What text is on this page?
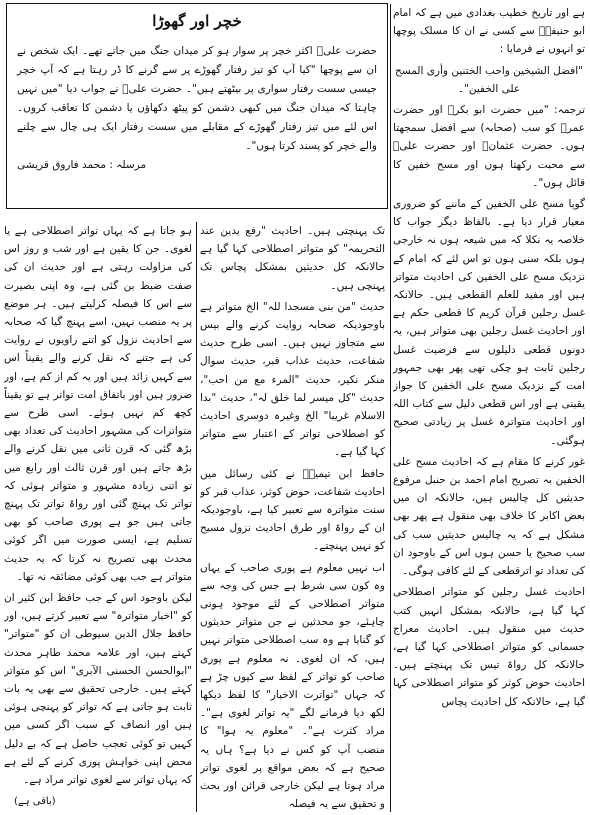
ہے اور تاریخ خطیب بغدادی میں ہے کہ امام ابو حنیفہؒ سے کسی نے ان کا مسلک پوچھا تو انہوں نے فرمایا :

"افضل الشیخین واحب الختنین وأری المسح علی الخفین"۔

ترجمہ: "میں حضرت ابو بکرؓ اور حضرت عمرؓ کو سب (صحابہ) سے افضل سمجھتا ہوں۔ حضرت عثمانؓ اور حضرت علیؓ سے محبت رکھتا ہوں اور مسح خفین کا قائل ہوں"۔

گویا مسح علی الخفین کے ماننے کو ضروری معیار قرار دیا ہے۔ بالفاظ دیگر جواب کا خلاصہ یہ نکلا کہ میں شیعہ ہوں نہ خارجی ہوں بلکہ سنی ہوں تو اس لئے کہ امام کے نزدیک مسح علی الخفین کی احادیث متواتر ہیں اور مفید للعلم القطعی ہیں۔ حالانکہ غسل رجلین قرآن کریم کا قطعی حکم ہے اور احادیث غسل رجلین بھی متواتر ہیں، یہ دونوں قطعی دلیلوں سے فرضیت غسل رجلین ثابت ہو چکی تھی پھر بھی جمہور امت کے نزدیک مسح علی الخفین کا جواز یقینی ہے اور اس قطعی دلیل سے کتاب اللہ اور احادیث متواترہ غسل پر زیادتی صحیح ہوگئی۔

غور کرنے کا مقام ہے کہ احادیث مسح علی الخفین بہ تصریح امام احمد بن حنبل مرفوع حدیثیں کل چالیس ہیں، حالانکہ ان میں بعض اکابر کا خلاف بھی منقول ہے پھر بھی مشکل ہے کہ یہ چالیس حدیثیں سب کی سب صحیح یا حسن ہوں اس کے باوجود ان کی تعداد تو اترقطعی کے لئے کافی ہوگی۔

احادیث غسل رجلین کو متواتر اصطلاحی کہا گیا ہے، حالانکہ بمشکل انہیں کتب حدیث میں منقول ہیں۔ احادیث معراج جسمانی کو متواتر اصطلاحی کہا گیا ہے، حالانکہ کل رواۃ تیس تک پہنچتے ہیں۔ احادیث حوض کوثر کو متواتر اصطلاحی کہا گیا ہے، حالانکہ کل احادیث پچاس

خچر اور گھوڑا

حضرت علیؓ اکثر خچر پر سوار ہو کر میدان جنگ میں جاتے تھے۔ ایک شخص نے ان سے پوچھا "کیا آپ کو تیز رفتار گھوڑے پر سے گرنے کا ڈر رہتا ہے کہ آپ خچر جیسی سست رفتار سواری پر بیٹھتے ہیں"۔ حضرت علیؓ نے جواب دیا "میں نہیں چاہتا کہ میدان جنگ میں کبھی دشمن کو پیٹھ دکھاؤں یا دشمن کا تعاقب کروں۔ اس لئے میں تیز رفتار گھوڑے کے مقابلے میں سست رفتار ایک ہی چال سے چلنے والے خچر کو پسند کرتا ہوں"۔

مرسلہ : محمد فاروق قریشی

تک پہنچتی ہیں۔ احادیث "رفع یدین عند التحریمہ" کو متواتر اصطلاحی کہا گیا ہے حالانکہ کل حدیثیں بمشکل پچاس تک پہنچی ہیں۔

حدیث "من بنی مسجدا للہ" الخ متواتر ہے باوجودیکہ صحابہ روایت کرنے والے بیس سے متجاوز نہیں ہیں۔ اسی طرح حدیث شفاعت، حدیث عذاب قبر، حدیث سوال منکر نکیر، حدیث "المرء مع من احب"، حدیث "کل میسر لما خلق لہ"، حدیث "بدا الاسلام غریبا" الخ وغیرہ دوسری احادیث کو اصطلاحی تواتر کے اعتبار سے متواتر کہا گیا ہے۔

حافظ ابن تیمیہؒ نے کئی رسائل میں احادیث شفاعت، حوض کوثر، عذاب قبر کو سنت متواترہ سے تعبیر کیا ہے، باوجودیکہ ان کے رواۃ اور طرق احادیث نزول مسیح کو نہیں پہنچتے۔

اب نہیں معلوم ہے پوری صاحب کے یہاں وہ کون سی شرط ہے جس کی وجہ سے متواتر اصطلاحی کے لئے موجود ہونی چاہئے، جو محدثین نے جن متواتر حدیثوں کو گنایا ہے وہ سب اصطلاحی متواتر نہیں ہیں، کہ ان لغوی۔ نہ معلوم ہے پوری صاحب کو تواتر کے لفظ سے کیوں چڑ ہے کہ جہاں "تواترت الاخبار" کا لفظ دیکھا لکھ دیا فرمانے لگے "یہ تواتر لغوی ہے"۔ مراد کثرت ہے"۔ "معلوم یہ ہوا" کا منصب آپ کو کس نے دیا ہے؟ ہاں یہ صحیح ہے کہ بعض مواقع پر لغوی تواتر مراد ہوتا ہے لیکن خارجی قرائن اور بحث و تحقیق سے یہ فیصلہ

ہو جاتا ہے کہ یہاں تواتر اصطلاحی ہے یا لغوی۔ جن کا یقین ہے اور شب و روز اس کی مزاولت رہتی ہے اور حدیث ان کی صفت ضبط بن گئی ہے، وہ اپنی بصیرت سے اس کا فیصلہ کرلیتے ہیں۔ ہر موضع پر یہ منصب نہیں، اسے پہنچ گیا کہ صحابہ سے احادیث نزول کو اتنے راویوں نے روایت کی ہے جتنے کہ نقل کرنے والے یقیناً اس سے کہیں زائد ہیں اور یہ کم از کم ہے، اور ضرور ہیں اور باتفاق امت تواتر ہے تو یقیناً کچھ کم نہیں ہوئے۔ اسی طرح سے متواترات کی مشہور احادیث کی تعداد بھی بڑھ گئی کہ قرن ثانی میں نقل کرنے والے بڑھ جاتے ہیں اور قرن ثالث اور رابع میں تو اتنی زیادہ مشہور و متواتر ہوئی کہ تواتر تک پہنچ گئی اور رواۃ تواتر تک پہنچ جاتی ہیں جو ہے پوری صاحب کو بھی تسلیم ہے، ایسی صورت میں اگر کوئی محدث بھی تصریح نہ کرتا کہ یہ حدیث متواتر ہے جب بھی کوئی مضائقہ نہ تھا۔

لیکن باوجود اس کے جب حافظ ابن کثیر ان کو "اخبار متواترہ" سے تعبیر کرتے ہیں، اور حافظ جلال الدین سیوطی ان کو "متواتر" کہتے ہیں، اور علامہ محمد طاہر محدث "ابوالحسن الحسنی الآبری" اس کو متواتر کہتے ہیں۔ خارجی تحقیق سے بھی یہ بات ثابت ہو جاتی ہے کہ تواتر کو پہنچی ہوئی ہیں اور انصاف کے سبب اگر کسی میں کہیں تو کوئی تعجب حاصل ہے کہ بے دلیل محض اپنی خواہش پوری کرنے کے لئے ہے کہ یہاں تواتر سے لغوی تواتر مراد ہے۔

(باقی ہے)
